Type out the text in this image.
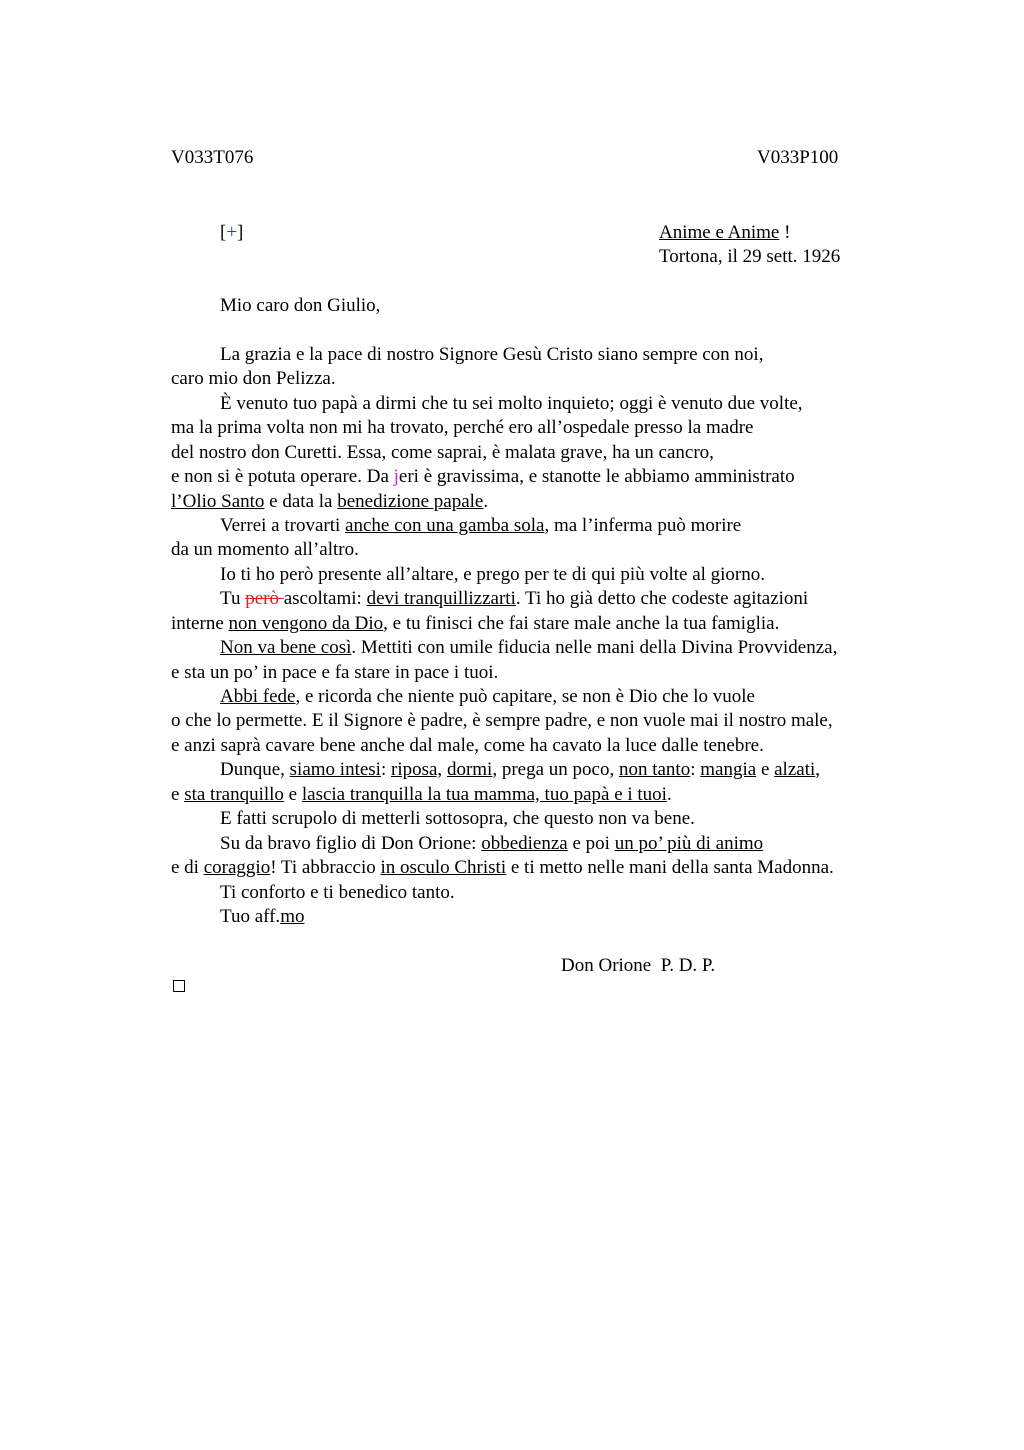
V033T076	V033P100
[+]	Anime e Anime !
Tortona, il 29 sett. 1926
Mio caro don Giulio,
La grazia e la pace di nostro Signore Gesù Cristo siano sempre con noi,
caro mio don Pelizza.
È venuto tuo papà a dirmi che tu sei molto inquieto; oggi è venuto due volte,
ma la prima volta non mi ha trovato, perché ero all’ospedale presso la madre
del nostro don Curetti. Essa, come saprai, è malata grave, ha un cancro,
e non si è potuta operare. Da jeri è gravissima, e stanotte le abbiamo amministrato
l’Olio Santo e data la benedizione papale.
Verrei a trovarti anche con una gamba sola, ma l’inferma può morire
da un momento all’altro.
Io ti ho però presente all’altare, e prego per te di qui più volte al giorno.
Tu però ascoltami: devi tranquillizzarti. Ti ho già detto che codeste agitazioni
interne non vengono da Dio, e tu finisci che fai stare male anche la tua famiglia.
Non va bene così. Mettiti con umile fiducia nelle mani della Divina Provvidenza,
e sta un po’ in pace e fa stare in pace i tuoi.
Abbi fede, e ricorda che niente può capitare, se non è Dio che lo vuole
o che lo permette. E il Signore è padre, è sempre padre, e non vuole mai il nostro male,
e anzi saprà cavare bene anche dal male, come ha cavato la luce dalle tenebre.
Dunque, siamo intesi: riposa, dormi, prega un poco, non tanto: mangia e alzati,
e sta tranquillo e lascia tranquilla la tua mamma, tuo papà e i tuoi.
E fatti scrupolo di metterli sottosopra, che questo non va bene.
Su da bravo figlio di Don Orione: obbedienza e poi un po’ più di animo
e di coraggio! Ti abbraccio in osculo Christi e ti metto nelle mani della santa Madonna.
Ti conforto e ti benedico tanto.
Tuo aff.mo
Don Orione  P. D. P.
